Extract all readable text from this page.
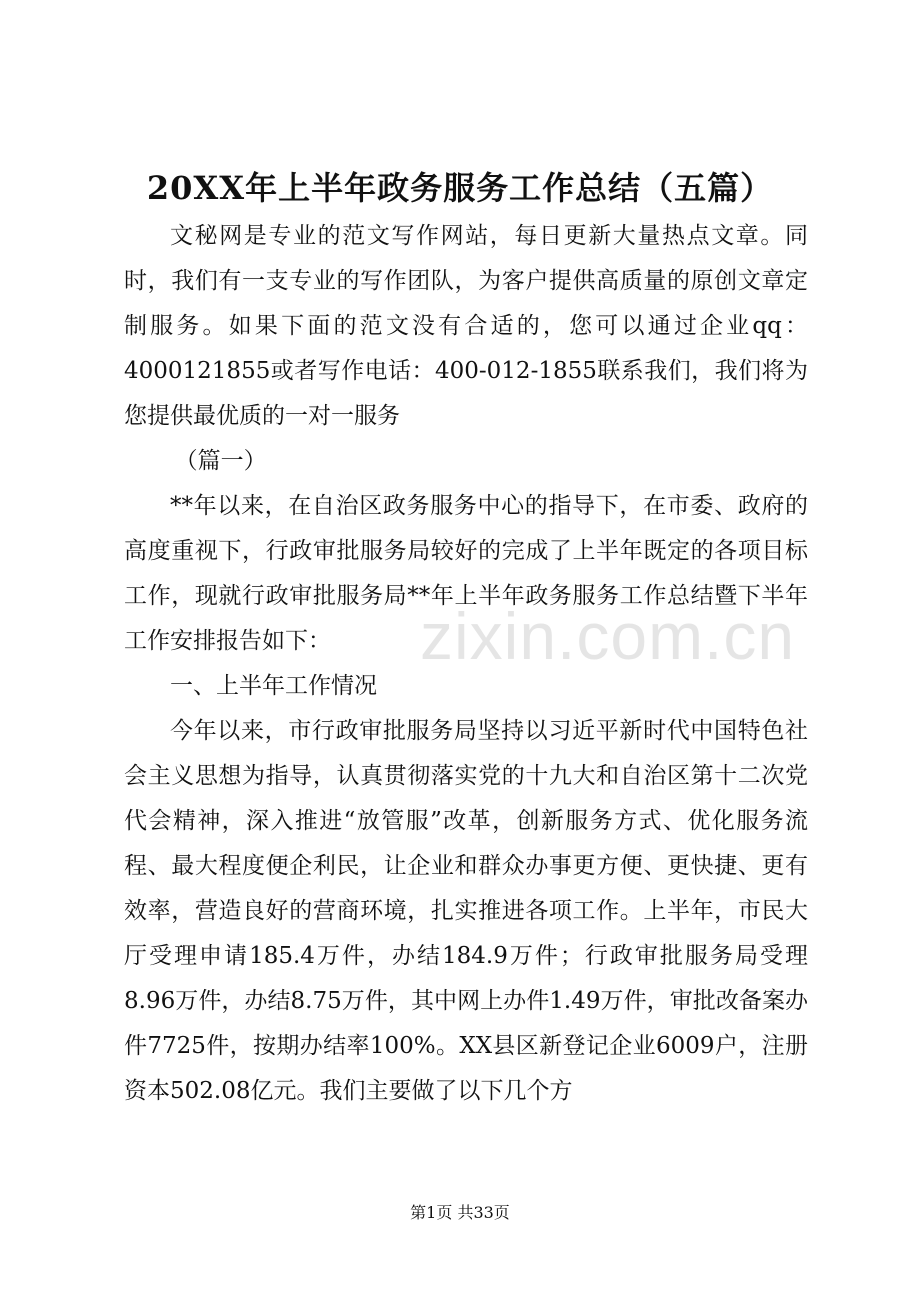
20XX年上半年政务服务工作总结（五篇）

文秘网是专业的范文写作网站，每日更新大量热点文章。同时，我们有一支专业的写作团队，为客户提供高质量的原创文章定制服务。如果下面的范文没有合适的，您可以通过企业qq：4000121855或者写作电话：400-012-1855联系我们，我们将为您提供最优质的一对一服务

（篇一）

**年以来，在自治区政务服务中心的指导下，在市委、政府的高度重视下，行政审批服务局较好的完成了上半年既定的各项目标工作，现就行政审批服务局**年上半年政务服务工作总结暨下半年工作安排报告如下：

一、上半年工作情况

今年以来，市行政审批服务局坚持以习近平新时代中国特色社会主义思想为指导，认真贯彻落实党的十九大和自治区第十二次党代会精神，深入推进“放管服”改革，创新服务方式、优化服务流程、最大程度便企利民，让企业和群众办事更方便、更快捷、更有效率，营造良好的营商环境，扎实推进各项工作。上半年，市民大厅受理申请185.4万件，办结184.9万件；行政审批服务局受理8.96万件，办结8.75万件，其中网上办件1.49万件，审批改备案办件7725件，按期办结率100%。XX县区新登记企业6009户，注册资本502.08亿元。我们主要做了以下几个方

zixin.com.cn
第1页 共33页
